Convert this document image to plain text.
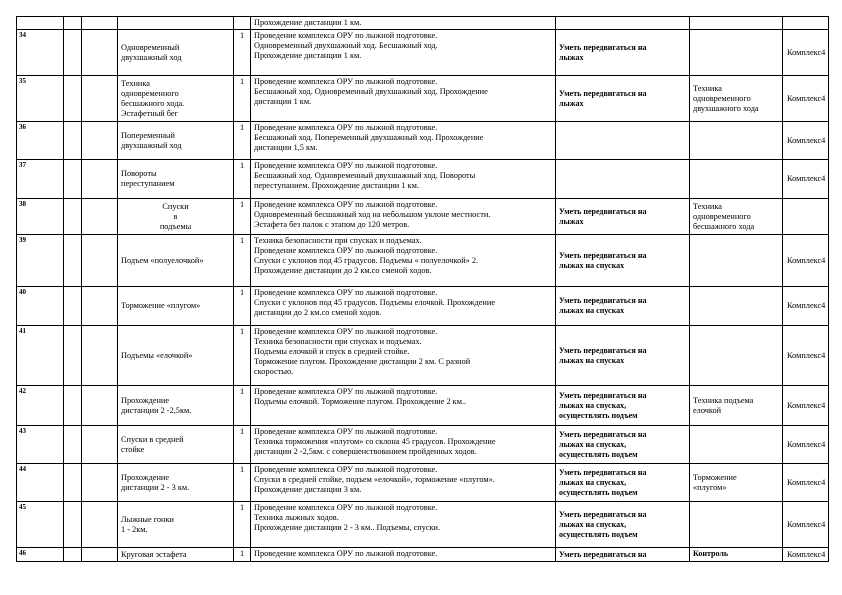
					Прохождение дистанции 1 км.			

34			Одновременный
двухшажный ход	1	Проведение комплекса ОРУ по лыжной подготовке.
Одновременный двухшажный ход. Бесшажный ход.
Прохождение дистанции 1 км.	Уметь передвигаться на
лыжах		Комплекс4
35			Техника
одновременного
бесшажного хода.
Эстафетный бег	1	Проведение комплекса ОРУ по лыжной подготовке.
Бесшажный ход. Одновременный двухшажный ход. Прохождение
дистанции 1 км.	Уметь передвигаться на
лыжах	Техника
одновременного
двухшажного хода	Комплекс4
36			Попеременный
двухшажный ход	1	Проведение комплекса ОРУ по лыжной подготовке.
Бесшажный ход. Попеременный двухшажный ход. Прохождение
дистанции 1,5 км.			Комплекс4
37			Повороты
переступанием	1	Проведение комплекса ОРУ по лыжной подготовке.
Бесшажный ход. Одновременный двухшажный ход. Повороты
переступанием. Прохождение дистанции 1 км.			Комплекс4
38			Спуски
в
подъемы	1	Проведение комплекса ОРУ по лыжной подготовке.
Одновременный бесшажный ход на небольшом уклоне местности.
Эстафета без палок с этапом до 120 метров.	Уметь передвигаться на
лыжах	Техника
одновременного
бесшажного хода	

39			Подъем «полуелочкой»	1	Техника безопасности при спусках и подъемах.
Проведение комплекса ОРУ по лыжной подготовке.
Спуски с уклонов под 45 градусов. Подъемы « полуелочкой» 2.
Прохождение дистанции до 2 км.со сменой ходов.	Уметь передвигаться на
лыжах на спусках		Комплекс4
40			Торможение «плугом»	1	Проведение комплекса ОРУ по лыжной подготовке.
Спуски с уклонов под 45 градусов. Подъемы елочкой. Прохождение
дистанции до 2 км.со сменой ходов.	Уметь передвигаться на
лыжах на спусках		Комплекс4
41			Подъемы «елочкой»	1	Проведение комплекса ОРУ по лыжной подготовке.
Техника безопасности при спусках и подъемах.
Подъемы елочкой и спуск в средней стойке.
Торможение плугом. Прохождение дистанции 2 км. С разной
скоростью.	Уметь передвигаться на
лыжах на спусках		Комплекс4
42			Прохождение
дистанции 2 -2,5км.	1	Проведение комплекса ОРУ по лыжной подготовке.
Подъемы елочкой. Торможение плугом. Прохождение 2 км..	Уметь передвигаться на
лыжах на спусках,
осуществлять подъем	Техника подъема
елочкой	Комплекс4
43			Спуски в средней
стойке	1	Проведение комплекса ОРУ по лыжной подготовке.
Техника торможения «плугом» со склона 45 градусов. Прохождение
дистанции 2 -2,5км. с совершенствованием пройденных ходов.	Уметь передвигаться на
лыжах на спусках,
осуществлять подъем		Комплекс4
44			Прохождение
дистанции 2 - 3 км.	1	Проведение комплекса ОРУ по лыжной подготовке.
Спуски в средней стойке, подъем «елочкой», торможение «плугом».
Прохождение дистанции 3 км.	Уметь передвигаться на
лыжах на спусках,
осуществлять подъем	Торможение
«плугом»	Комплекс4
45			Лыжные гонки
1 - 2км.	1	Проведение комплекса ОРУ по лыжной подготовке.
Техника лыжных ходов.
Прохождение дистанции 2 - 3 км.. Подъемы, спуски.	Уметь передвигаться на
лыжах на спусках,
осуществлять подъем		Комплекс4
46			Круговая эстафета	1	Проведение комплекса ОРУ по лыжной подготовке.	Уметь передвигаться на	Контроль	Комплекс4
